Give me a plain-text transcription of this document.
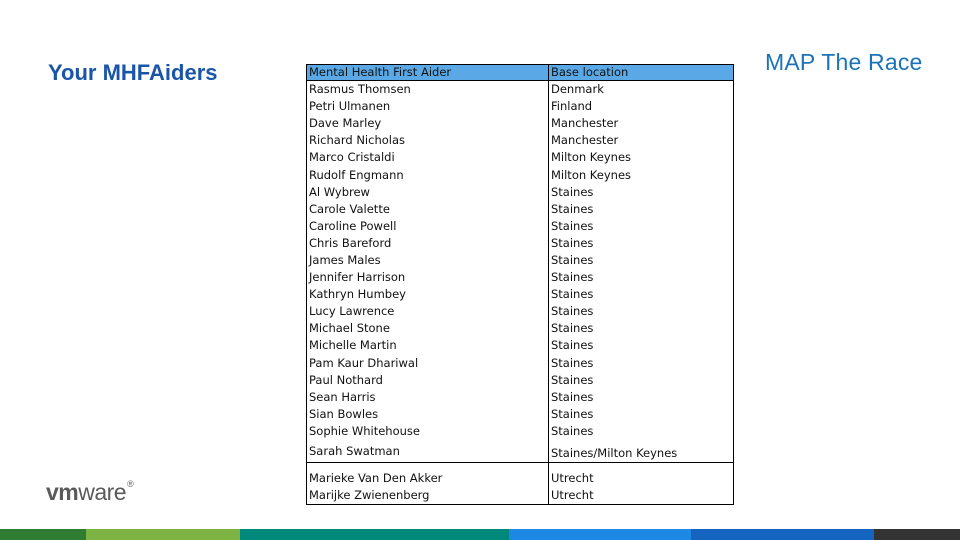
Your MHFAiders	MAP The Race
Mental Health First Aider	Base location
Rasmus Thomsen	Denmark
Petri Ulmanen	Finland
Dave Marley	Manchester
Richard Nicholas	Manchester
Marco Cristaldi	Milton Keynes
Rudolf Engmann	Milton Keynes
Al Wybrew	Staines
Carole Valette	Staines
Caroline Powell	Staines
Chris Bareford	Staines
James Males	Staines
Jennifer Harrison	Staines
Kathryn Humbey	Staines
Lucy Lawrence	Staines
Michael Stone	Staines
Michelle Martin	Staines
Pam Kaur Dhariwal	Staines
Paul Nothard	Staines
Sean Harris	Staines
Sian Bowles	Staines
Sophie Whitehouse	Staines
Sarah Swatman	Staines/Milton Keynes
Marieke Van Den Akker	Utrecht
Marijke Zwienenberg	Utrecht
vmware®
